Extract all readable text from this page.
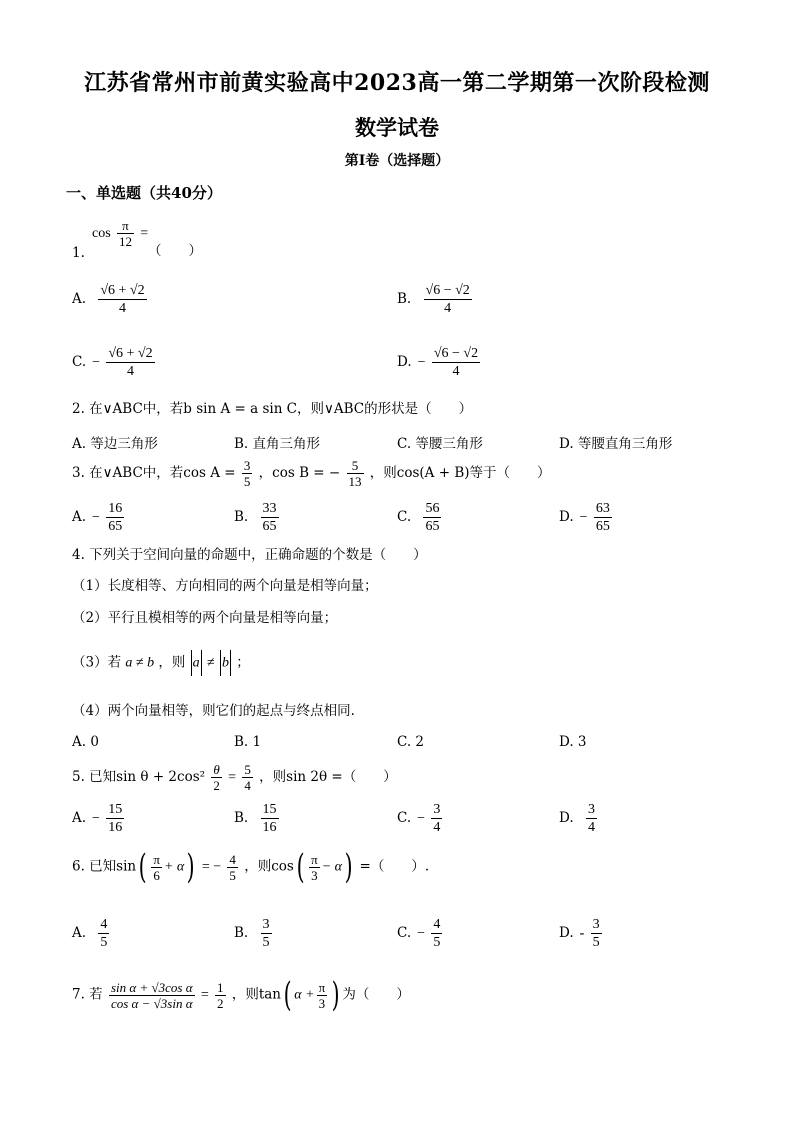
江苏省常州市前黄实验高中2023高一第二学期第一次阶段检测
数学试卷
第I卷（选择题）
一、单选题（共40分）
$\cos \frac{\pi}{12}$ =
1.	（　　）
A. $\frac{√6 + √2}{4}$	B. $\frac{√6 - √2}{4}$
C. − $\frac{√6 + √2}{4}$	D. − $\frac{√6 - √2}{4}$
2. 在∨ABC中，若b sin A = a sin C，则∨ABC的形状是（　　）
A. 等边三角形	B. 直角三角形	C. 等腰三角形	D. 等腰直角三角形
3. 在∨ABC中，若$\cos A = \frac{3}{5}$ ，cos B = − $\frac{5}{13}$ ，则cos(A + B)等于（　　）
A. − $\frac{16}{65}$	B. $\frac{33}{65}$	C. $\frac{56}{65}$	D. − $\frac{63}{65}$
4. 下列关于空间向量的命题中，正确命题的个数是（　　）
（1）长度相等、方向相同的两个向量是相等向量；
（2）平行且模相等的两个向量是相等向量；
（3）若 a ≠ b ，则 a ≠ b ；
（4）两个向量相等，则它们的起点与终点相同.
A. 0	B. 1	C. 2	D. 3
5. 已知$\sin \theta + 2\cos^2 \frac{\theta}{2} = \frac{5}{4}$ ，则sin 2θ =（　　）
A. − $\frac{15}{16}$	B. $\frac{15}{16}$	C. − $\frac{3}{4}$	D. $\frac{3}{4}$
6. 已知$\sin( \frac{\pi}{6} + \alpha)$ = − $\frac{4}{5}$ ，则$\cos( \frac{\pi}{3} - \alpha)$ =（　　）.
A. $\frac{4}{5}$	B. $\frac{3}{5}$	C. − $\frac{4}{5}$	D. - $\frac{3}{5}$
7. 若 $\frac{\text{sin α + √3cos α}}{\text{cos α − √3sin α}} = \frac{1}{2}$ ，则tan( $\alpha + \frac{\pi}{3}$ ) 为（　　）
